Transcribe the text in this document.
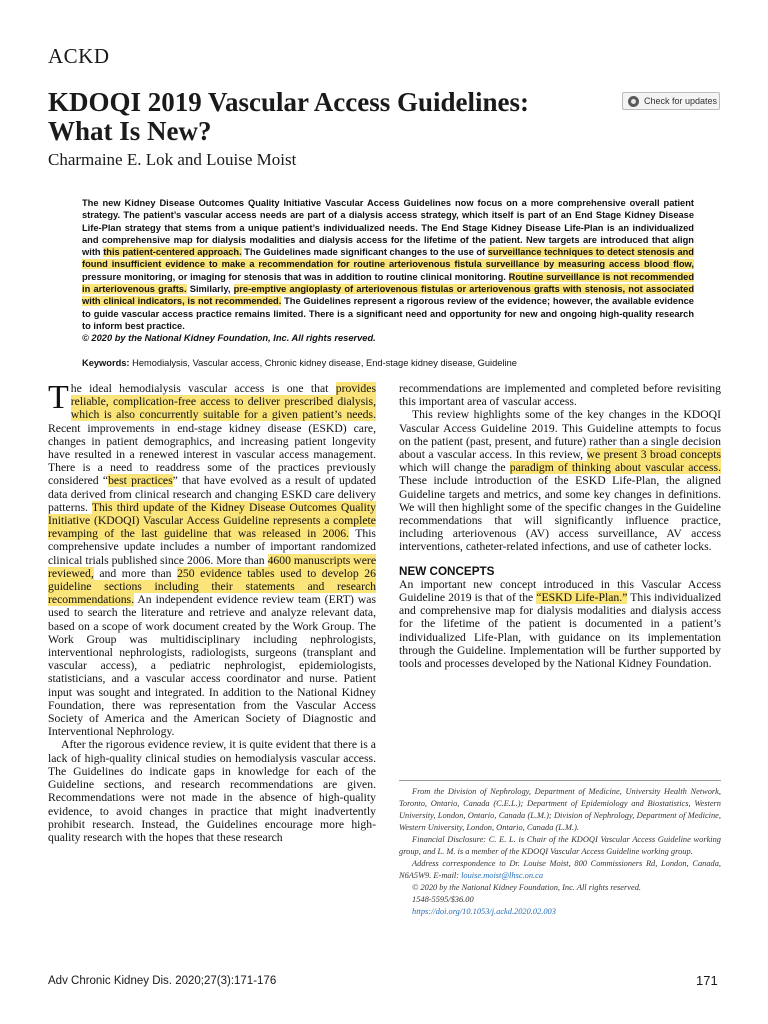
ACKD
KDOQI 2019 Vascular Access Guidelines: What Is New?
Check for updates
Charmaine E. Lok and Louise Moist

The new Kidney Disease Outcomes Quality Initiative Vascular Access Guidelines now focus on a more comprehensive overall patient strategy. The patient’s vascular access needs are part of a dialysis access strategy, which itself is part of an End Stage Kidney Disease Life-Plan strategy that stems from a unique patient’s individualized needs. The End Stage Kidney Disease Life-Plan is an individualized and comprehensive map for dialysis modalities and dialysis access for the lifetime of the patient. New targets are introduced that align with this patient-centered approach. The Guidelines made significant changes to the use of surveillance techniques to detect stenosis and found insufficient evidence to make a recommendation for routine arteriovenous fistula surveillance by measuring access blood flow, pressure monitoring, or imaging for stenosis that was in addition to routine clinical monitoring. Routine surveillance is not recommended in arteriovenous grafts. Similarly, pre-emptive angioplasty of arteriovenous fistulas or arteriovenous grafts with stenosis, not associated with clinical indicators, is not recommended. The Guidelines represent a rigorous review of the evidence; however, the available evidence to guide vascular access practice remains limited. There is a significant need and opportunity for new and ongoing high-quality research to inform best practice.
© 2020 by the National Kidney Foundation, Inc. All rights reserved.

Keywords: Hemodialysis, Vascular access, Chronic kidney disease, End-stage kidney disease, Guideline

The ideal hemodialysis vascular access is one that provides reliable, complication-free access to deliver prescribed dialysis, which is also concurrently suitable for a given patient’s needs. Recent improvements in end-stage kidney disease (ESKD) care, changes in patient demographics, and increasing patient longevity have resulted in a renewed interest in vascular access management. There is a need to readdress some of the practices previously considered “best practices” that have evolved as a result of updated data derived from clinical research and changing ESKD care delivery patterns. This third update of the Kidney Disease Outcomes Quality Initiative (KDOQI) Vascular Access Guideline represents a complete revamping of the last guideline that was released in 2006. This comprehensive update includes a number of important randomized clinical trials published since 2006. More than 4600 manuscripts were reviewed, and more than 250 evidence tables used to develop 26 guideline sections including their statements and research recommendations. An independent evidence review team (ERT) was used to search the literature and retrieve and analyze relevant data, based on a scope of work document created by the Work Group. The Work Group was multidisciplinary including nephrologists, interventional nephrologists, radiologists, surgeons (transplant and vascular access), a pediatric nephrologist, epidemiologists, statisticians, and a vascular access coordinator and nurse. Patient input was sought and integrated. In addition to the National Kidney Foundation, there was representation from the Vascular Access Society of America and the American Society of Diagnostic and Interventional Nephrology.

After the rigorous evidence review, it is quite evident that there is a lack of high-quality clinical studies on hemodialysis vascular access. The Guidelines do indicate gaps in knowledge for each of the Guideline sections, and research recommendations are given. Recommendations were not made in the absence of high-quality evidence, to avoid changes in practice that might inadvertently prohibit research. Instead, the Guidelines encourage more high-quality research with the hopes that these research

recommendations are implemented and completed before revisiting this important area of vascular access.

This review highlights some of the key changes in the KDOQI Vascular Access Guideline 2019. This Guideline attempts to focus on the patient (past, present, and future) rather than a single decision about a vascular access. In this review, we present 3 broad concepts which will change the paradigm of thinking about vascular access. These include introduction of the ESKD Life-Plan, the aligned Guideline targets and metrics, and some key changes in definitions. We will then highlight some of the specific changes in the Guideline recommendations that will significantly influence practice, including arteriovenous (AV) access surveillance, AV access interventions, catheter-related infections, and use of catheter locks.

NEW CONCEPTS

An important new concept introduced in this Vascular Access Guideline 2019 is that of the “ESKD Life-Plan.” This individualized and comprehensive map for dialysis modalities and dialysis access for the lifetime of the patient is documented in a patient’s individualized Life-Plan, with guidance on its implementation through the Guideline. Implementation will be further supported by tools and processes developed by the National Kidney Foundation.

From the Division of Nephrology, Department of Medicine, University Health Network, Toronto, Ontario, Canada (C.E.L.); Department of Epidemiology and Biostatistics, Western University, London, Ontario, Canada (L.M.); Division of Nephrology, Department of Medicine, Western University, London, Ontario, Canada (L.M.).

Financial Disclosure: C. E. L. is Chair of the KDOQI Vascular Access Guideline working group, and L. M. is a member of the KDOQI Vascular Access Guideline working group.

Address correspondence to Dr. Louise Moist, 800 Commissioners Rd, London, Canada, N6A5W9. E-mail: louise.moist@lhsc.on.ca

© 2020 by the National Kidney Foundation, Inc. All rights reserved.

1548-5595/$36.00

https://doi.org/10.1053/j.ackd.2020.02.003

Adv Chronic Kidney Dis. 2020;27(3):171-176	171
